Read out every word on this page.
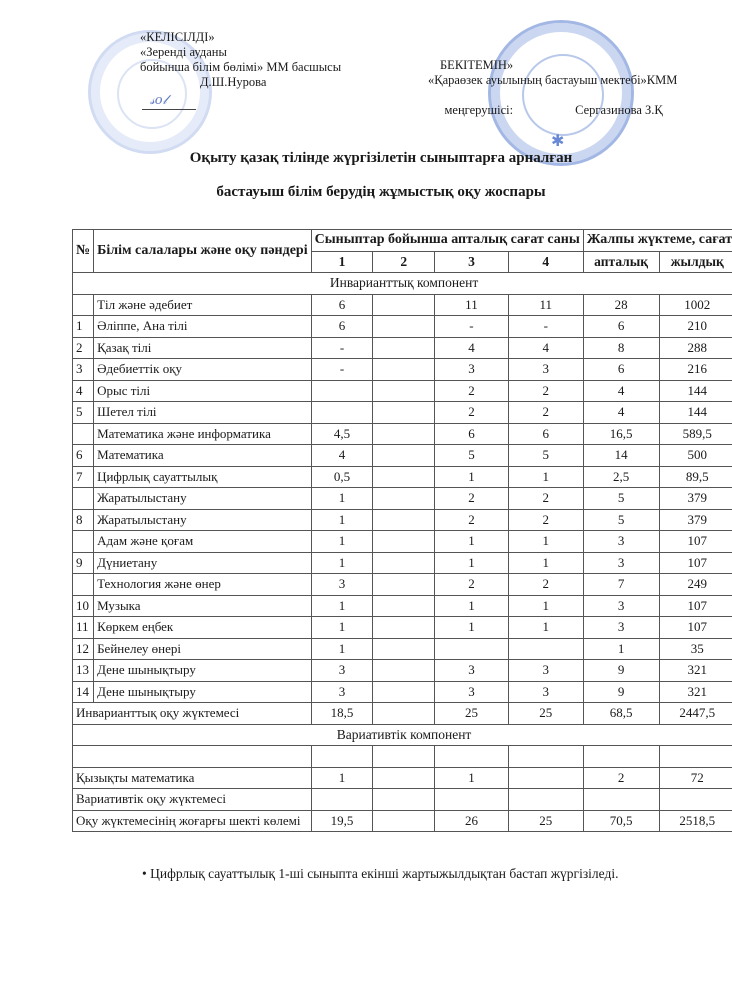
✱
«КЕЛІСІЛДІ»
«Зеренді ауданы
бойынша білім бөлімі» ММ басшысы
Д.Ш.Нурова
𝓈𝑜𝓁
БЕКІТЕМІН»
«Қараөзек ауылының бастауыш мектебі»КММ

меңгерушісі:	Сергазинова З.Қ

Оқыту қазақ тілінде жүргізілетін сыныптарға арналған
бастауыш білім берудің жұмыстық оқу жоспары
№	Білім салалары және оқу пәндері	Сыныптар бойынша апталық сағат саны				Жалпы жүктеме, сағат	
		1	2	3	4	апталық	жылдық
Инварианттық компонент							
	Тіл және әдебиет	6		11	11	28	1002
1	Әліппе, Ана тілі	6		-	-	6	210
2	Қазақ тілі	-		4	4	8	288
3	Әдебиеттік оқу	-		3	3	6	216
4	Орыс тілі			2	2	4	144
5	Шетел тілі			2	2	4	144
	Математика және информатика	4,5		6	6	16,5	589,5
6	Математика	4		5	5	14	500
7	Цифрлық сауаттылық	0,5		1	1	2,5	89,5
	Жаратылыстану	1		2	2	5	379
8	Жаратылыстану	1		2	2	5	379
	Адам және қоғам	1		1	1	3	107
9	Дүниетану	1		1	1	3	107
	Технология және өнер	3		2	2	7	249
10	Музыка	1		1	1	3	107
11	Көркем еңбек	1		1	1	3	107
12	Бейнелеу өнері	1				1	35
13	Дене шынықтыру	3		3	3	9	321
14	Дене шынықтыру	3		3	3	9	321
Инварианттық оқу жүктемесі		18,5		25	25	68,5	2447,5
Вариативтік компонент							

Қызықты математика		1		1		2	72
Вариативтік оқу жүктемесі							
Оқу жүктемесінің жоғарғы шекті көлемі		19,5		26	25	70,5	2518,5
• Цифрлық сауаттылық 1-ші сыныпта екінші жартыжылдықтан бастап жүргізіледі.
